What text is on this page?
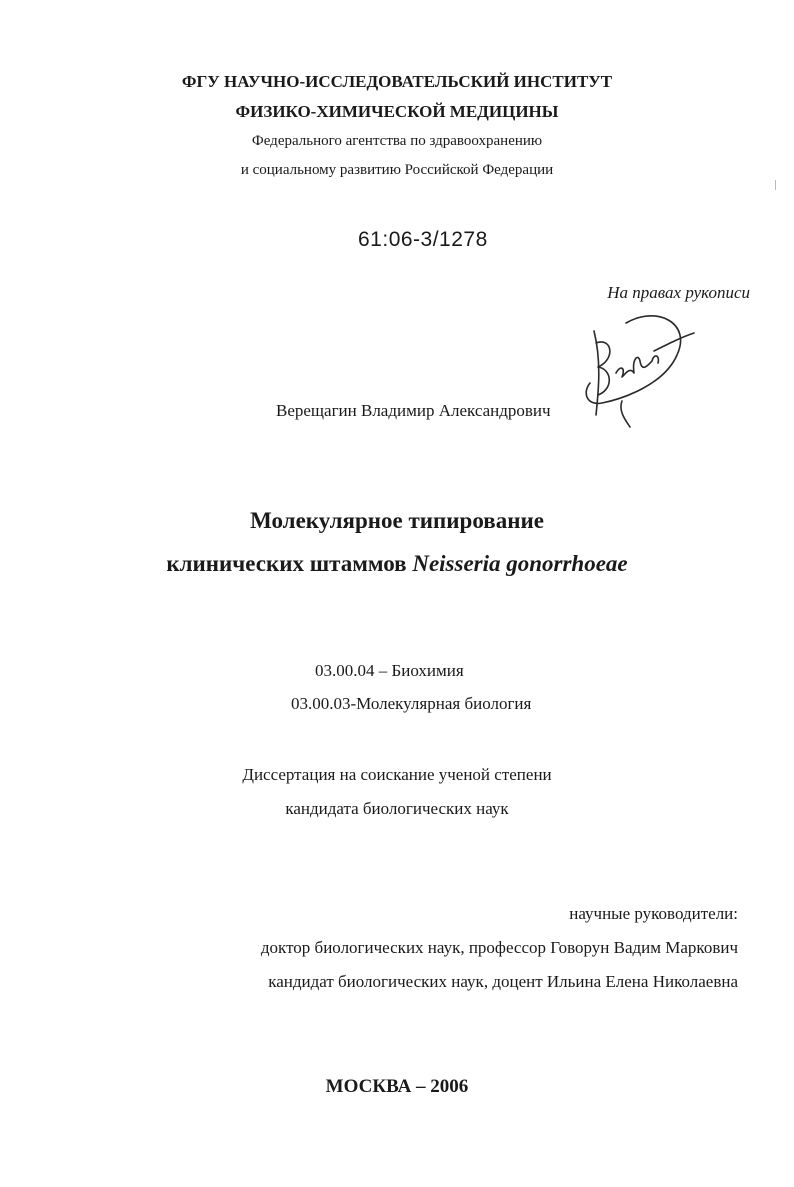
ФГУ НАУЧНО-ИССЛЕДОВАТЕЛЬСКИЙ ИНСТИТУТ
ФИЗИКО-ХИМИЧЕСКОЙ МЕДИЦИНЫ
Федерального агентства по здравоохранению
и социальному развитию Российской Федерации
61:06-3/1278
На правах рукописи
Верещагин Владимир Александрович
Молекулярное типирование
клинических штаммов Neisseria gonorrhoeae
03.00.04 – Биохимия
03.00.03-Молекулярная биология
Диссертация на соискание ученой степени
кандидата биологических наук
научные руководители:
доктор биологических наук, профессор Говорун Вадим Маркович
кандидат биологических наук, доцент Ильина Елена Николаевна
МОСКВА – 2006
